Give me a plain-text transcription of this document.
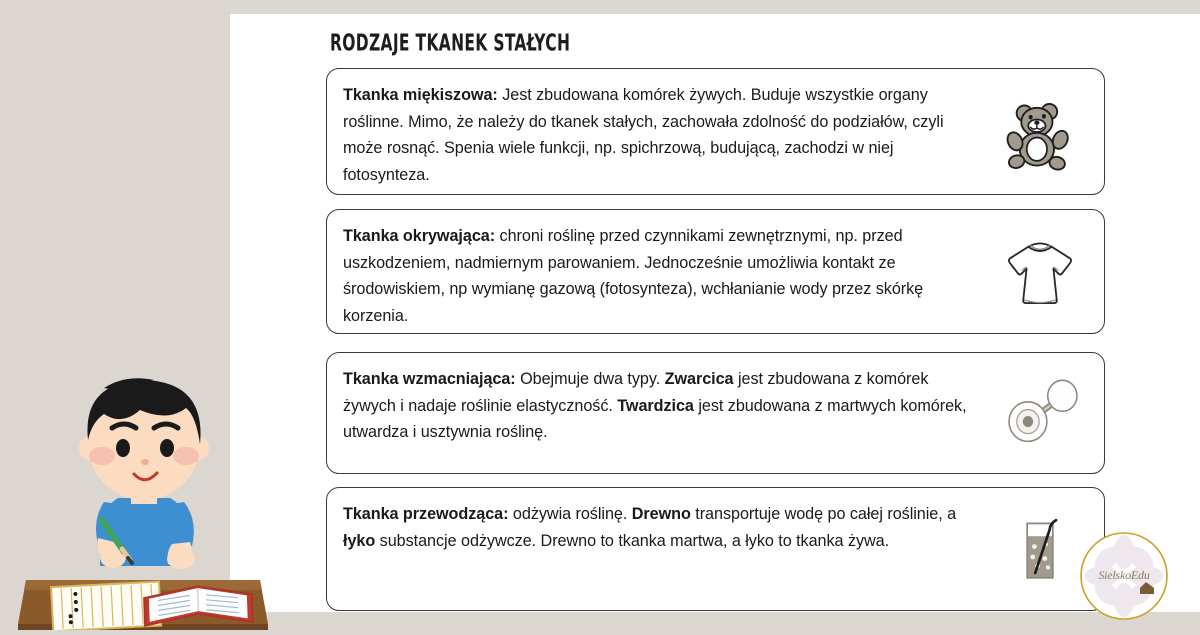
RODZAJE TKANEK STAŁYCH
Tkanka miękiszowa: Jest zbudowana komórek żywych. Buduje wszystkie organy roślinne. Mimo, że należy do tkanek stałych, zachowała zdolność do podziałów, czyli może rosnąć. Spenia wiele funkcji, np. spichrzową, budującą, zachodzi w niej fotosynteza.
Tkanka okrywająca: chroni roślinę przed czynnikami zewnętrznymi, np. przed uszkodzeniem, nadmiernym parowaniem. Jednocześnie umożliwia kontakt ze środowiskiem, np wymianę gazową (fotosynteza), wchłanianie wody przez skórkę korzenia.
Tkanka wzmacniająca: Obejmuje dwa typy. Zwarcica jest zbudowana z komórek żywych i nadaje roślinie elastyczność. Twardzica jest zbudowana z martwych komórek, utwardza i usztywnia roślinę.
Tkanka przewodząca: odżywia roślinę. Drewno transportuje wodę po całej roślinie, a łyko substancje odżywcze. Drewno to tkanka martwa, a łyko to tkanka żywa.
SielskoEdu
